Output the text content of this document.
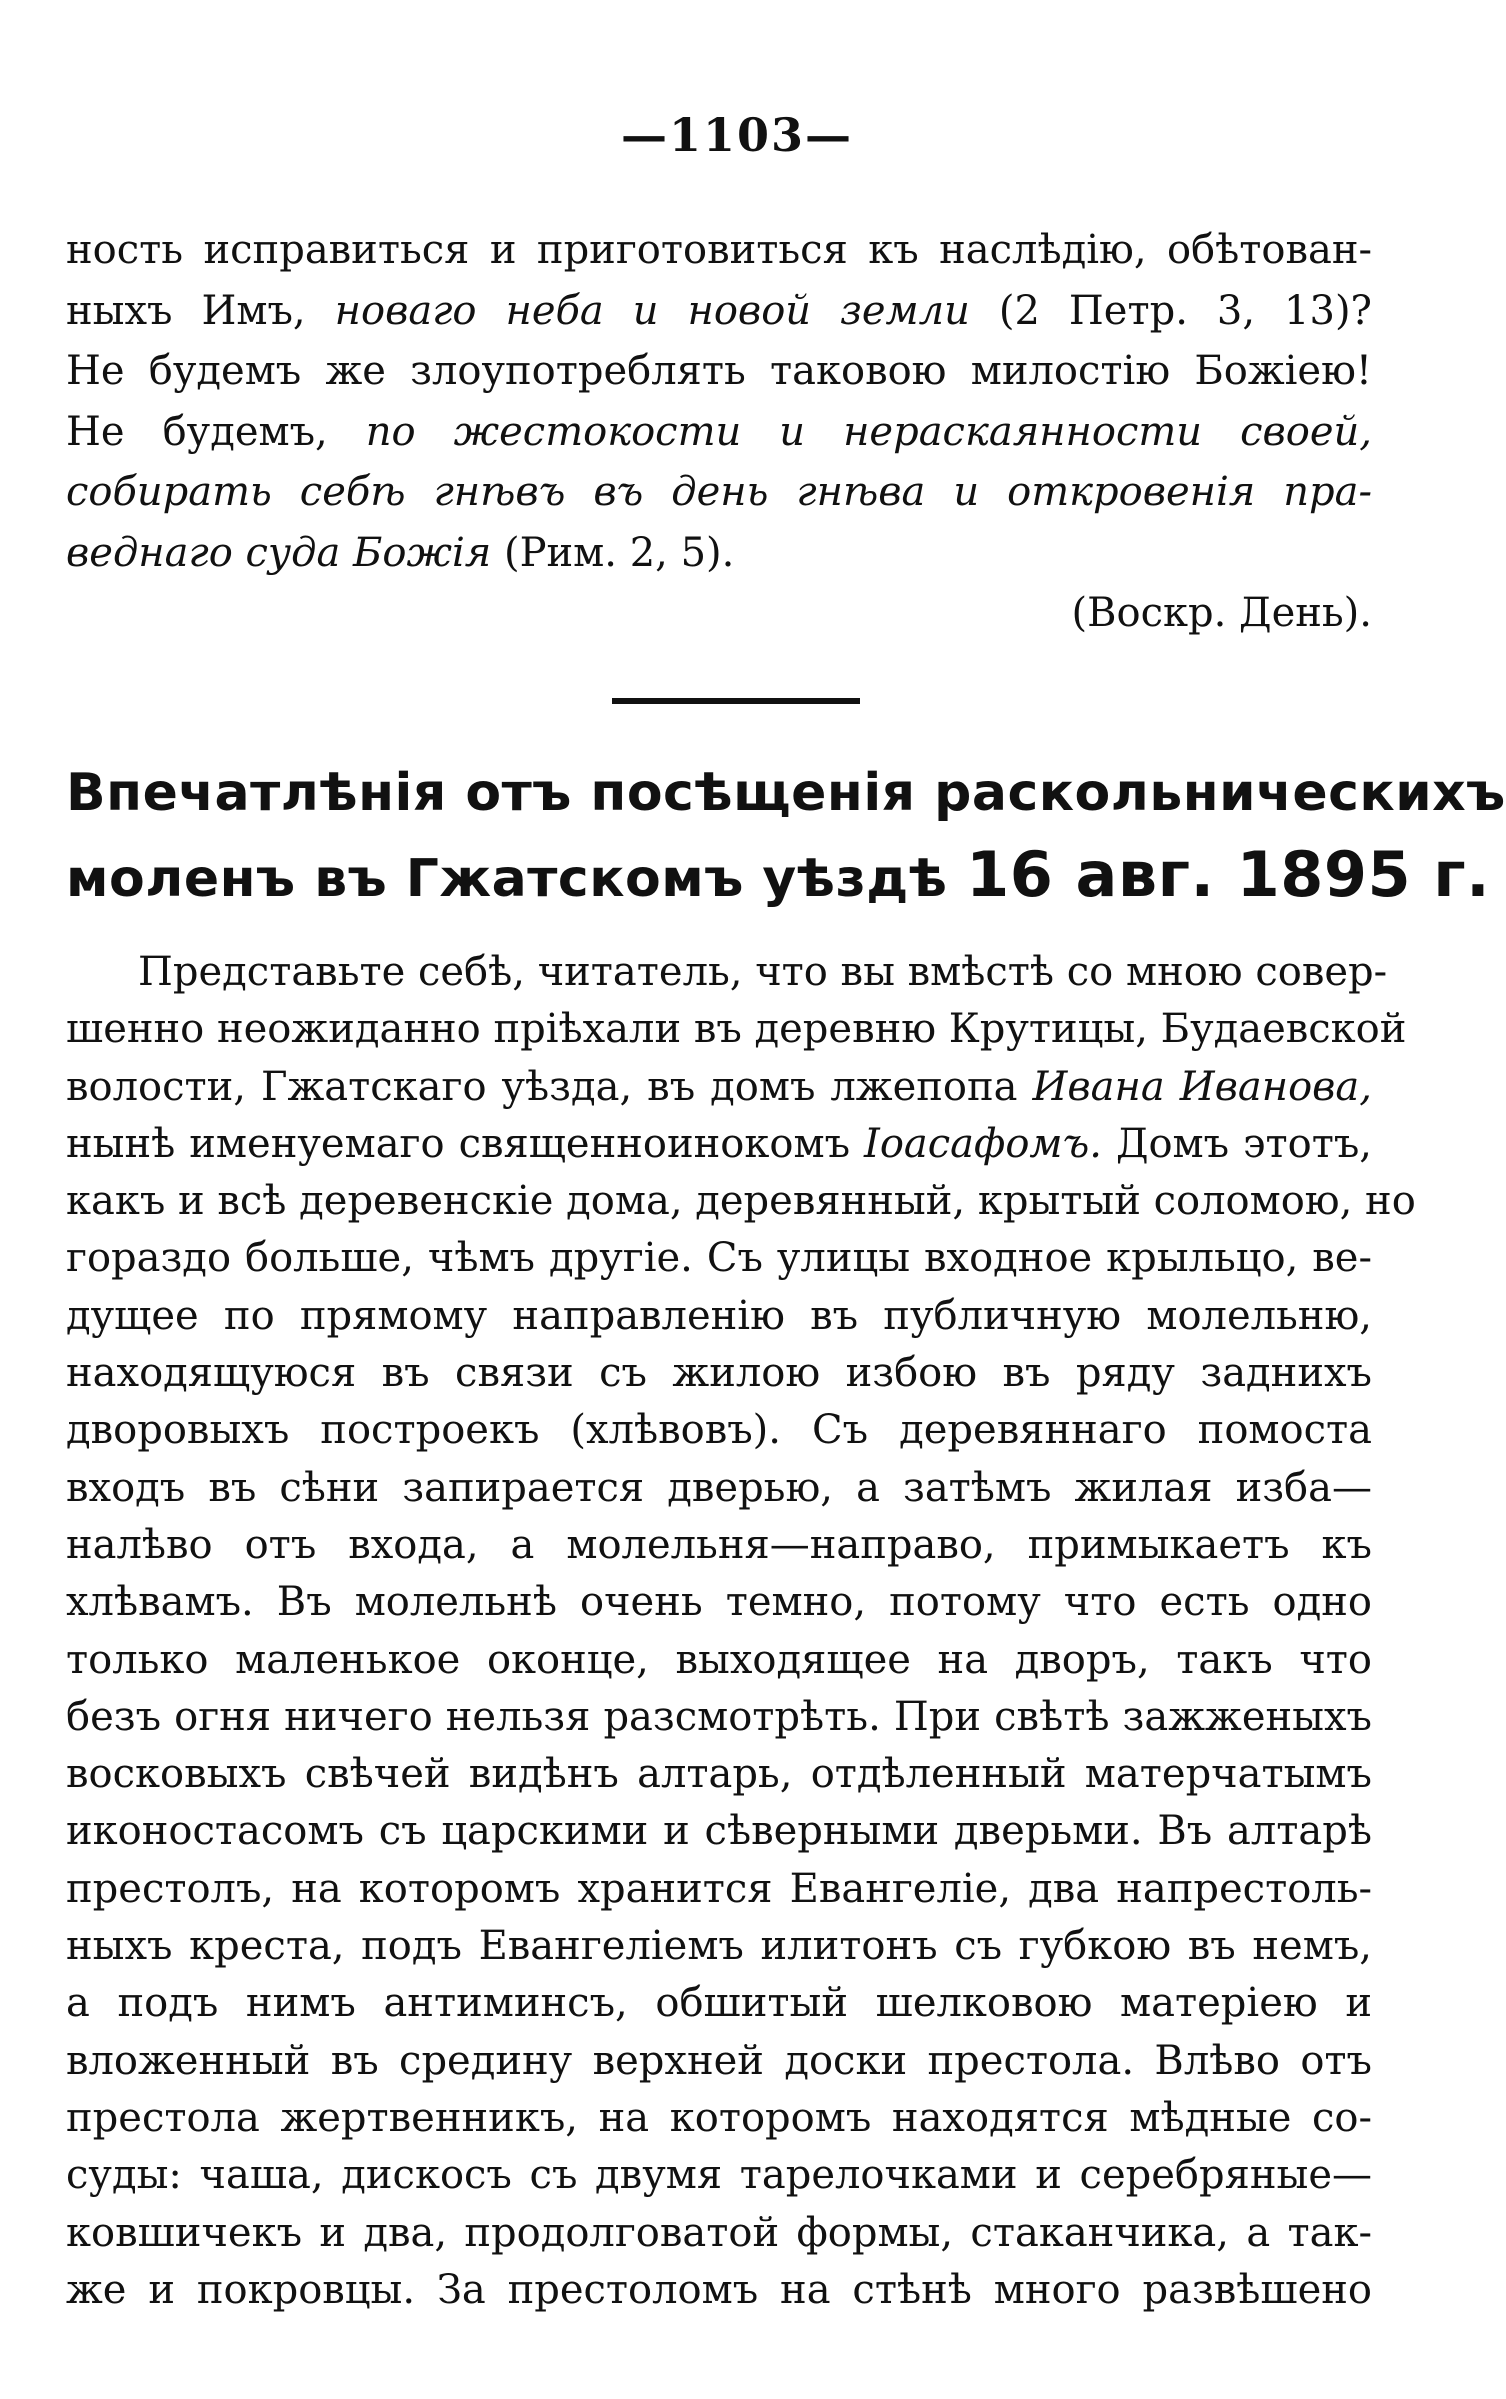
—1103—
ность исправиться и приготовиться къ наслѣдію, обѣтован-
ныхъ Имъ, новаго неба и новой земли (2 Петр. 3, 13)?
Не будемъ же злоупотреблять таковою милостію Божіею!
Не будемъ, по жестокости и нераскаянности своей,
собирать себѣ гнѣвъ въ день гнѣва и откровенія пра-
веднаго суда Божія (Рим. 2, 5).
(Воскр. День).
Впечатлѣнія отъ посѣщенія раскольническихъ
моленъ въ Гжатскомъ уѣздѣ 16 авг. 1895 г.
Представьте себѣ, читатель, что вы вмѣстѣ со мною совер-
шенно неожиданно пріѣхали въ деревню Крутицы, Будаевской
волости, Гжатскаго уѣзда, въ домъ лжепопа Ивана Иванова,
нынѣ именуемаго священноинокомъ Іоасафомъ. Домъ этотъ,
какъ и всѣ деревенскіе дома, деревянный, крытый соломою, но
гораздо больше, чѣмъ другіе. Съ улицы входное крыльцо, ве-
дущее по прямому направленію въ публичную молельню,
находящуюся въ связи съ жилою избою въ ряду заднихъ
дворовыхъ построекъ (хлѣвовъ). Съ деревяннаго помоста
входъ въ сѣни запирается дверью, а затѣмъ жилая изба—
налѣво отъ входа, а молельня—направо, примыкаетъ къ
хлѣвамъ. Въ молельнѣ очень темно, потому что есть одно
только маленькое оконце, выходящее на дворъ, такъ что
безъ огня ничего нельзя разсмотрѣть. При свѣтѣ зажженыхъ
восковыхъ свѣчей видѣнъ алтарь, отдѣленный матерчатымъ
иконостасомъ съ царскими и сѣверными дверьми. Въ алтарѣ
престолъ, на которомъ хранится Евангеліе, два напрестоль-
ныхъ креста, подъ Евангеліемъ илитонъ съ губкою въ немъ,
а подъ нимъ антиминсъ, обшитый шелковою матеріею и
вложенный въ средину верхней доски престола. Влѣво отъ
престола жертвенникъ, на которомъ находятся мѣдные со-
суды: чаша, дискосъ съ двумя тарелочками и серебряные—
ковшичекъ и два, продолговатой формы, стаканчика, а так-
же и покровцы. За престоломъ на стѣнѣ много развѣшено
